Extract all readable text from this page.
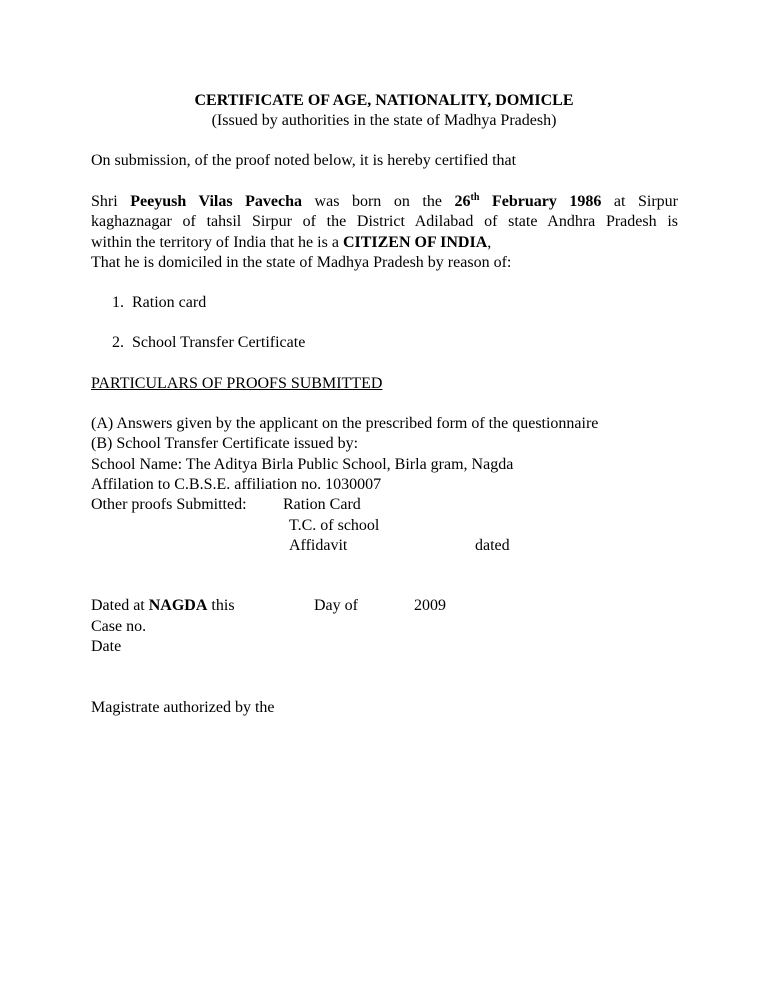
CERTIFICATE OF AGE, NATIONALITY, DOMICLE
(Issued by authorities in the state of Madhya Pradesh)
On submission, of the proof noted below, it is hereby certified that
Shri Peeyush Vilas Pavecha was born on the 26th February 1986 at Sirpur
kaghaznagar of tahsil Sirpur of the District Adilabad of state Andhra Pradesh is
within the territory of India that he is a CITIZEN OF INDIA,
That he is domiciled in the state of Madhya Pradesh by reason of:
1. Ration card
2. School Transfer Certificate
PARTICULARS OF PROOFS SUBMITTED
(A) Answers given by the applicant on the prescribed form of the questionnaire
(B) School Transfer Certificate issued by:
School Name: The Aditya Birla Public School, Birla gram, Nagda
Affilation to C.B.S.E. affiliation no. 1030007
Other proofs Submitted: Ration Card
T.C. of school
Affidavit	dated
Dated at NAGDA this	Day of	2009
Case no.
Date
Magistrate authorized by the
